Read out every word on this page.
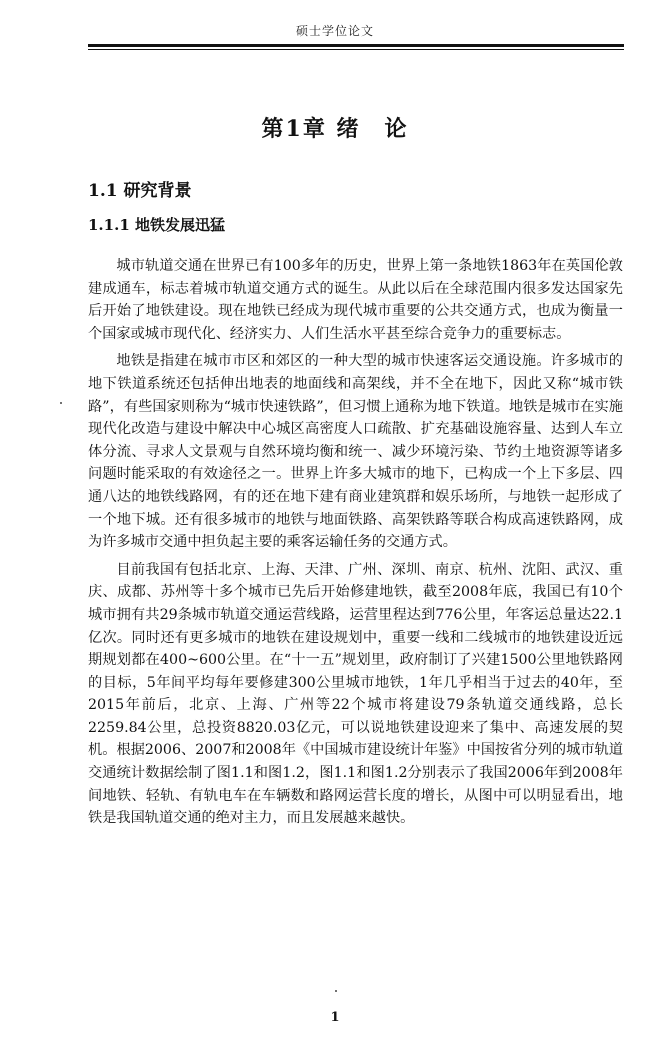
硕士学位论文
第1章 绪　论
1.1 研究背景
1.1.1 地铁发展迅猛

城市轨道交通在世界已有100多年的历史，世界上第一条地铁1863年在英国伦敦建成通车，标志着城市轨道交通方式的诞生。从此以后在全球范围内很多发达国家先后开始了地铁建设。现在地铁已经成为现代城市重要的公共交通方式，也成为衡量一个国家或城市现代化、经济实力、人们生活水平甚至综合竞争力的重要标志。

地铁是指建在城市市区和郊区的一种大型的城市快速客运交通设施。许多城市的地下铁道系统还包括伸出地表的地面线和高架线，并不全在地下，因此又称“城市铁路”，有些国家则称为“城市快速铁路”，但习惯上通称为地下铁道。地铁是城市在实施现代化改造与建设中解决中心城区高密度人口疏散、扩充基础设施容量、达到人车立体分流、寻求人文景观与自然环境均衡和统一、减少环境污染、节约土地资源等诸多问题时能采取的有效途径之一。世界上许多大城市的地下，已构成一个上下多层、四通八达的地铁线路网，有的还在地下建有商业建筑群和娱乐场所，与地铁一起形成了一个地下城。还有很多城市的地铁与地面铁路、高架铁路等联合构成高速铁路网，成为许多城市交通中担负起主要的乘客运输任务的交通方式。

目前我国有包括北京、上海、天津、广州、深圳、南京、杭州、沈阳、武汉、重庆、成都、苏州等十多个城市已先后开始修建地铁，截至2008年底，我国已有10个城市拥有共29条城市轨道交通运营线路，运营里程达到776公里，年客运总量达22.1亿次。同时还有更多城市的地铁在建设规划中，重要一线和二线城市的地铁建设近远期规划都在400~600公里。在“十一五”规划里，政府制订了兴建1500公里地铁路网的目标，5年间平均每年要修建300公里城市地铁，1年几乎相当于过去的40年，至2015年前后，北京、上海、广州等22个城市将建设79条轨道交通线路，总长2259.84公里，总投资8820.03亿元，可以说地铁建设迎来了集中、高速发展的契机。根据2006、2007和2008年《中国城市建设统计年鉴》中国按省分列的城市轨道交通统计数据绘制了图1.1和图1.2，图1.1和图1.2分别表示了我国2006年到2008年间地铁、轻轨、有轨电车在车辆数和路网运营长度的增长，从图中可以明显看出，地铁是我国轨道交通的绝对主力，而且发展越来越快。

1
